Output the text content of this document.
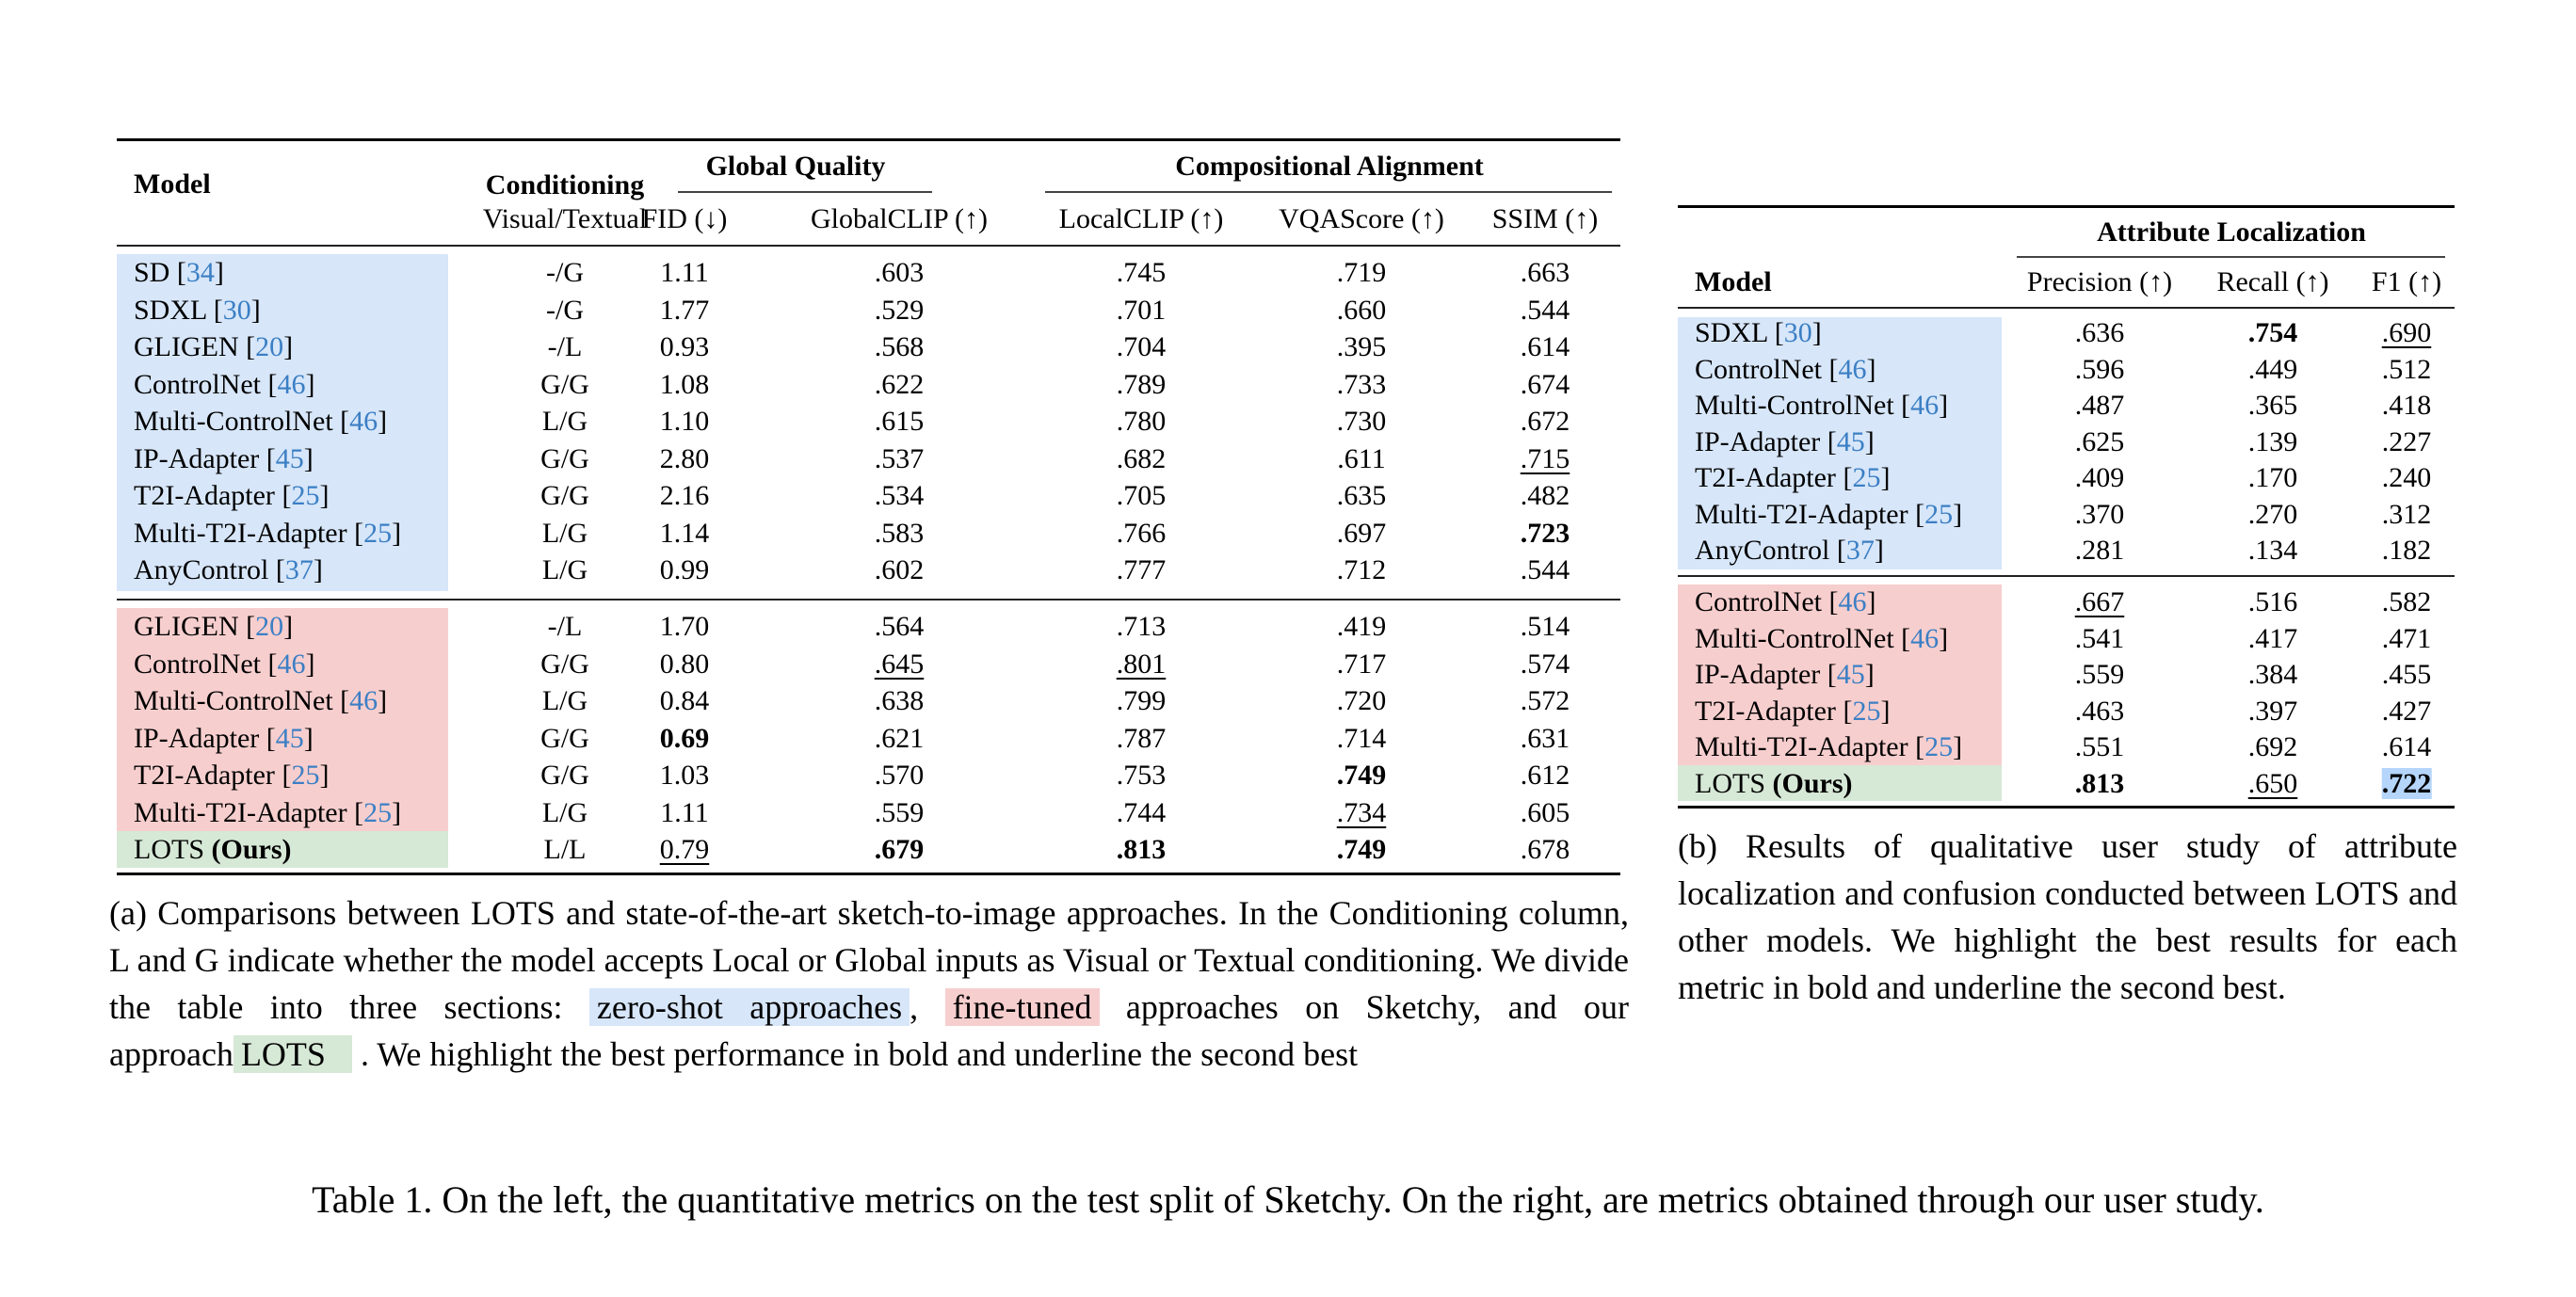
Model	Conditioning
Visual/Textual
Global Quality	Compositional Alignment
FID (↓)	GlobalCLIP (↑)	LocalCLIP (↑) VQAScore (↑) SSIM (↑)
SD [34]	-/G	1.11	.603	.745	.719	.663
SDXL [30]	-/G	1.77	.529	.701	.660	.544
GLIGEN [20]	-/L	0.93	.568	.704	.395	.614
ControlNet [46]	G/G 1.08	.622	.789	.733	.674
Multi-ControlNet [46]	L/G	1.10	.615	.780	.730	.672
IP-Adapter [45]	G/G 2.80	.537	.682	.611	.715
T2I-Adapter [25]	G/G 2.16	.534	.705	.635	.482
Multi-T2I-Adapter [25]	L/G	1.14	.583	.766	.697	.723
AnyControl [37]	L/G	0.99	.602	.777	.712	.544
GLIGEN [20]	-/L	1.70	.564	.713	.419	.514
ControlNet [46]	G/G 0.80	.645	.801	.717	.574
Multi-ControlNet [46]	L/G	0.84	.638	.799	.720	.572
IP-Adapter [45]	G/G 0.69	.621	.787	.714	.631
T2I-Adapter [25]	G/G 1.03	.570	.753	.749	.612
Multi-T2I-Adapter [25]	L/G	1.11	.559	.744	.734	.605
LOTS (Ours)	L/L	0.79	.679	.813	.749	.678
(a) Comparisons between LOTS and state-of-the-art sketch-to-image approaches. In the Conditioning column, L and G indicate whether the model accepts Local or Global inputs as Visual or Textual conditioning. We divide the table into three sections: zero-shot approaches , fine-tuned approaches on Sketchy, and our approach LOTS . We highlight the best performance in bold and underline the second best
Attribute Localization
Model	Precision (↑) Recall (↑) F1 (↑)
SDXL [30]	.636	.754	.690
ControlNet [46]	.596	.449	.512
Multi-ControlNet [46]	.487	.365	.418
IP-Adapter [45]	.625	.139	.227
T2I-Adapter [25]	.409	.170	.240
Multi-T2I-Adapter [25]	.370	.270	.312
AnyControl [37]	.281	.134	.182
ControlNet [46]	.667	.516	.582
Multi-ControlNet [46]	.541	.417	.471
IP-Adapter [45]	.559	.384	.455
T2I-Adapter [25]	.463	.397	.427
Multi-T2I-Adapter [25]	.551	.692	.614
LOTS (Ours)	.813	.650	.722
(b) Results of qualitative user study of attribute localization and confusion conducted between LOTS and other models. We highlight the best results for each metric in bold and underline the second best.
Table 1. On the left, the quantitative metrics on the test split of Sketchy. On the right, are metrics obtained through our user study.
